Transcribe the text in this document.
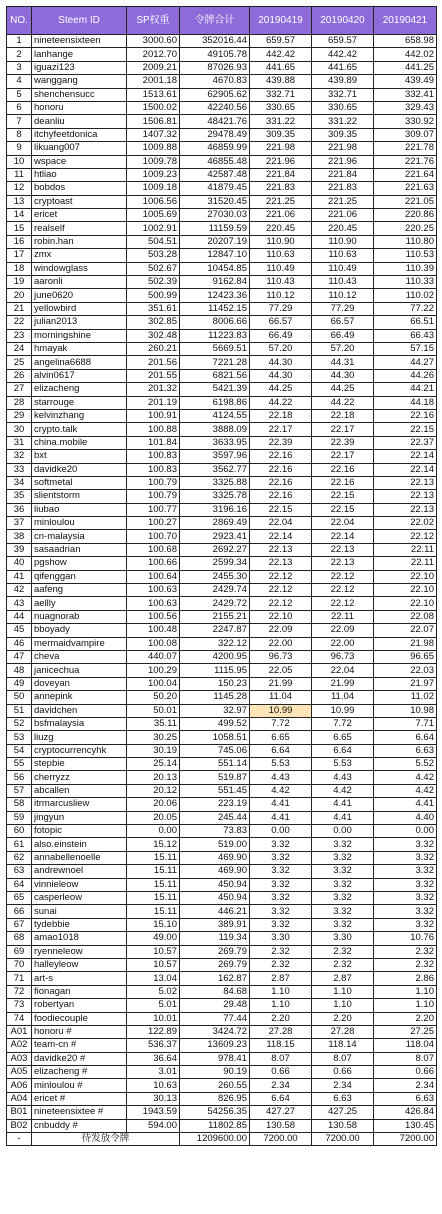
NO.	Steem ID	SP权重	令牌合计	20190419	20190420	20190421
1	nineteensixteen	3000.60	352016.44	659.57	659.57	658.98
2	lanhange	2012.70	49105.78	442.42	442.42	442.02
3	iguazi123	2009.21	87026.93	441.65	441.65	441.25
4	wanggang	2001.18	4670.83	439.88	439.89	439.49
5	shenchensucc	1513.61	62905.62	332.71	332.71	332.41
6	honoru	1500.02	42240.56	330.65	330.65	329.43
7	deanliu	1506.81	48421.76	331.22	331.22	330.92
8	itchyfeetdonica	1407.32	29478.49	309.35	309.35	309.07
9	likuang007	1009.88	46859.99	221.98	221.98	221.78
10	wspace	1009.78	46855.48	221.96	221.96	221.76
11	htliao	1009.23	42587.48	221.84	221.84	221.64
12	bobdos	1009.18	41879.45	221.83	221.83	221.63
13	cryptoast	1006.56	31520.45	221.25	221.25	221.05
14	ericet	1005.69	27030.03	221.06	221.06	220.86
15	realself	1002.91	11159.59	220.45	220.45	220.25
16	robin.han	504.51	20207.19	110.90	110.90	110.80
17	zmx	503.28	12847.10	110.63	110.63	110.53
18	windowglass	502.67	10454.85	110.49	110.49	110.39
19	aaronli	502.39	9162.84	110.43	110.43	110.33
20	june0620	500.99	12423.36	110.12	110.12	110.02
21	yellowbird	351.61	11452.15	77.29	77.29	77.22
22	julian2013	302.85	8006.66	66.57	66.57	66.51
23	morningshine	302.48	11223.83	66.49	66.49	66.43
24	hmayak	260.21	5669.51	57.20	57.20	57.15
25	angelina6688	201.56	7221.28	44.30	44.31	44.27
26	alvin0617	201.55	6821.56	44.30	44.30	44.26
27	elizacheng	201.32	5421.39	44.25	44.25	44.21
28	starrouge	201.19	6198.86	44.22	44.22	44.18
29	kelvinzhang	100.91	4124.55	22.18	22.18	22.16
30	crypto.talk	100.88	3888.09	22.17	22.17	22.15
31	china.mobile	101.84	3633.95	22.39	22.39	22.37
32	bxt	100.83	3597.96	22.16	22.17	22.14
33	davidke20	100.83	3562.77	22.16	22.16	22.14
34	softmetal	100.79	3325.88	22.16	22.16	22.13
35	slientstorm	100.79	3325.78	22.16	22.15	22.13
36	liubao	100.77	3196.16	22.15	22.15	22.13
37	minloulou	100.27	2869.49	22.04	22.04	22.02
38	cn-malaysia	100.70	2923.41	22.14	22.14	22.12
39	sasaadrian	100.68	2692.27	22.13	22.13	22.11
40	pgshow	100.66	2599.34	22.13	22.13	22.11
41	qifenggan	100.64	2455.30	22.12	22.12	22.10
42	aafeng	100.63	2429.74	22.12	22.12	22.10
43	aellly	100.63	2429.72	22.12	22.12	22.10
44	nuagnorab	100.56	2155.21	22.10	22.11	22.08
45	bboyady	100.48	2247.87	22.09	22.09	22.07
46	mermaidvampire	100.08	322.12	22.00	22.00	21.98
47	cheva	440.07	4200.95	96.73	96.73	96.65
48	janicechua	100.29	1115.95	22.05	22.04	22.03
49	doveyan	100.04	150.23	21.99	21.99	21.97
50	annepink	50.20	1145.28	11.04	11.04	11.02
51	davidchen	50.01	32.97	10.99	10.99	10.98
52	bsfmalaysia	35.11	499.52	7.72	7.72	7.71
53	liuzg	30.25	1058.51	6.65	6.65	6.64
54	cryptocurrencyhk	30.19	745.06	6.64	6.64	6.63
55	stepbie	25.14	551.14	5.53	5.53	5.52
56	cherryzz	20.13	519.87	4.43	4.43	4.42
57	abcallen	20.12	551.45	4.42	4.42	4.42
58	itrmarcusliew	20.06	223.19	4.41	4.41	4.41
59	jingyun	20.05	245.44	4.41	4.41	4.40
60	fotopic	0.00	73.83	0.00	0.00	0.00
61	also.einstein	15.12	519.00	3.32	3.32	3.32
62	annabellenoelle	15.11	469.90	3.32	3.32	3.32
63	andrewnoel	15.11	469.90	3.32	3.32	3.32
64	vinnieleow	15.11	450.94	3.32	3.32	3.32
65	casperleow	15.11	450.94	3.32	3.32	3.32
66	sunai	15.11	446.21	3.32	3.32	3.32
67	tydebbie	15.10	389.91	3.32	3.32	3.32
68	amao1018	49.00	119.34	3.30	3.30	10.76
69	ryenneleow	10.57	269.79	2.32	2.32	2.32
70	halleyleow	10.57	269.79	2.32	2.32	2.32
71	art-s	13.04	162.87	2.87	2.87	2.86
72	fionagan	5.02	84.68	1.10	1.10	1.10
73	robertyan	5.01	29.48	1.10	1.10	1.10
74	foodiecouple	10.01	77.44	2.20	2.20	2.20
A01	honoru #	122.89	3424.72	27.28	27.28	27.25
A02	team-cn #	536.37	13609.23	118.15	118.14	118.04
A03	davidke20 #	36.64	978.41	8.07	8.07	8.07
A05	elizacheng #	3.01	90.19	0.66	0.66	0.66
A06	minloulou #	10.63	260.55	2.34	2.34	2.34
A04	ericet #	30.13	826.95	6.64	6.63	6.63
B01	nineteensixtee #	1943.59	54256.35	427.27	427.25	426.84
B02	cnbuddy #	594.00	11802.85	130.58	130.58	130.45
-	待发放令牌		1209600.00	7200.00	7200.00	7200.00
